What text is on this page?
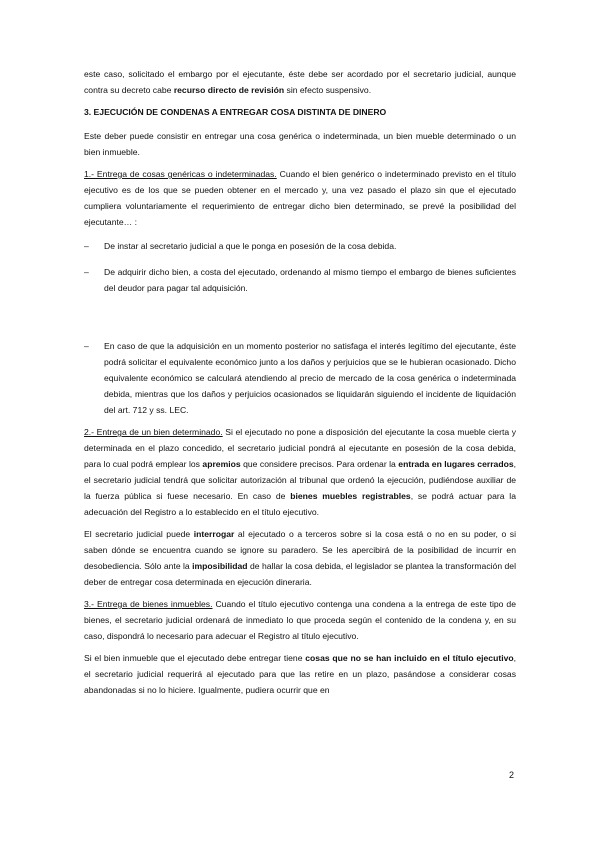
este caso, solicitado el embargo por el ejecutante, éste debe ser acordado por el secretario judicial, aunque contra su decreto cabe recurso directo de revisión sin efecto suspensivo.

3. EJECUCIÓN DE CONDENAS A ENTREGAR COSA DISTINTA DE DINERO

Este deber puede consistir en entregar una cosa genérica o indeterminada, un bien mueble determinado o un bien inmueble.

1.- Entrega de cosas genéricas o indeterminadas. Cuando el bien genérico o indeterminado previsto en el título ejecutivo es de los que se pueden obtener en el mercado y, una vez pasado el plazo sin que el ejecutado cumpliera voluntariamente el requerimiento de entregar dicho bien determinado, se prevé la posibilidad del ejecutante… :

– De instar al secretario judicial a que le ponga en posesión de la cosa debida.
– De adquirir dicho bien, a costa del ejecutado, ordenando al mismo tiempo el embargo de bienes suficientes del deudor para pagar tal adquisición.
– En caso de que la adquisición en un momento posterior no satisfaga el interés legítimo del ejecutante, éste podrá solicitar el equivalente económico junto a los daños y perjuicios que se le hubieran ocasionado. Dicho equivalente económico se calculará atendiendo al precio de mercado de la cosa genérica o indeterminada debida, mientras que los daños y perjuicios ocasionados se liquidarán siguiendo el incidente de liquidación del art. 712 y ss. LEC.

2.- Entrega de un bien determinado. Si el ejecutado no pone a disposición del ejecutante la cosa mueble cierta y determinada en el plazo concedido, el secretario judicial pondrá al ejecutante en posesión de la cosa debida, para lo cual podrá emplear los apremios que considere precisos. Para ordenar la entrada en lugares cerrados, el secretario judicial tendrá que solicitar autorización al tribunal que ordenó la ejecución, pudiéndose auxiliar de la fuerza pública si fuese necesario. En caso de bienes muebles registrables, se podrá actuar para la adecuación del Registro a lo establecido en el título ejecutivo.

El secretario judicial puede interrogar al ejecutado o a terceros sobre si la cosa está o no en su poder, o si saben dónde se encuentra cuando se ignore su paradero. Se les apercibirá de la posibilidad de incurrir en desobediencia. Sólo ante la imposibilidad de hallar la cosa debida, el legislador se plantea la transformación del deber de entregar cosa determinada en ejecución dineraria.

3.- Entrega de bienes inmuebles. Cuando el título ejecutivo contenga una condena a la entrega de este tipo de bienes, el secretario judicial ordenará de inmediato lo que proceda según el contenido de la condena y, en su caso, dispondrá lo necesario para adecuar el Registro al título ejecutivo.

Si el bien inmueble que el ejecutado debe entregar tiene cosas que no se han incluido en el título ejecutivo, el secretario judicial requerirá al ejecutado para que las retire en un plazo, pasándose a considerar cosas abandonadas si no lo hiciere. Igualmente, pudiera ocurrir que en

2
